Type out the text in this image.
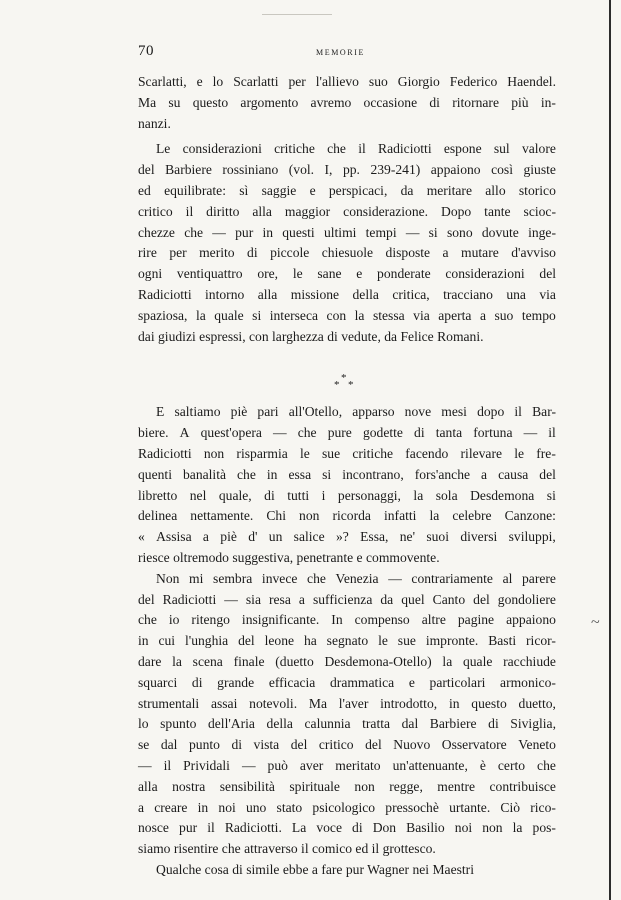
70	MEMORIE
~
Scarlatti, e lo Scarlatti per l'allievo suo Giorgio Federico Haendel.
Ma su questo argomento avremo occasione di ritornare più in-
nanzi.
Le considerazioni critiche che il Radiciotti espone sul valore
del Barbiere rossiniano (vol. I, pp. 239-241) appaiono così giuste
ed equilibrate: sì saggie e perspicaci, da meritare allo storico
critico il diritto alla maggior considerazione. Dopo tante scioc-
chezze che — pur in questi ultimi tempi — si sono dovute inge-
rire per merito di piccole chiesuole disposte a mutare d'avviso
ogni ventiquattro ore, le sane e ponderate considerazioni del
Radiciotti intorno alla missione della critica, tracciano una via
spaziosa, la quale si interseca con la stessa via aperta a suo tempo
dai giudizi espressi, con larghezza di vedute, da Felice Romani.
*
*
*
E saltiamo piè pari all'Otello, apparso nove mesi dopo il Bar-
biere. A quest'opera — che pure godette di tanta fortuna — il
Radiciotti non risparmia le sue critiche facendo rilevare le fre-
quenti banalità che in essa si incontrano, fors'anche a causa del
libretto nel quale, di tutti i personaggi, la sola Desdemona si
delinea nettamente. Chi non ricorda infatti la celebre Canzone:
« Assisa a piè d' un salice »? Essa, ne' suoi diversi sviluppi,
riesce oltremodo suggestiva, penetrante e commovente.
Non mi sembra invece che Venezia — contrariamente al parere
del Radiciotti — sia resa a sufficienza da quel Canto del gondoliere
che io ritengo insignificante. In compenso altre pagine appaiono
in cui l'unghia del leone ha segnato le sue impronte. Basti ricor-
dare la scena finale (duetto Desdemona-Otello) la quale racchiude
squarci di grande efficacia drammatica e particolari armonico-
strumentali assai notevoli. Ma l'aver introdotto, in questo duetto,
lo spunto dell'Aria della calunnia tratta dal Barbiere di Siviglia,
se dal punto di vista del critico del Nuovo Osservatore Veneto
— il Prividali — può aver meritato un'attenuante, è certo che
alla nostra sensibilità spirituale non regge, mentre contribuisce
a creare in noi uno stato psicologico pressochè urtante. Ciò rico-
nosce pur il Radiciotti. La voce di Don Basilio noi non la pos-
siamo risentire che attraverso il comico ed il grottesco.
Qualche cosa di simile ebbe a fare pur Wagner nei Maestri
